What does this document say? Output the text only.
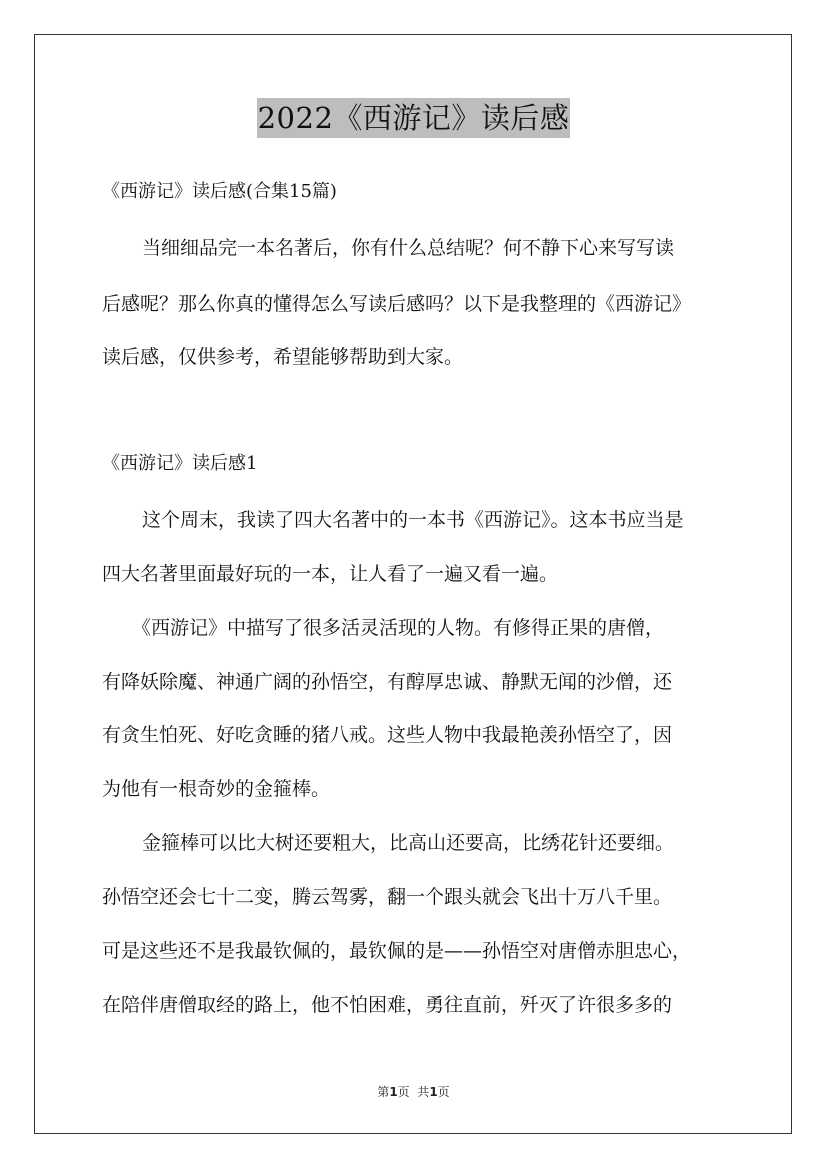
2022《西游记》读后感
《西游记》读后感(合集15篇)
当细细品完一本名著后，你有什么总结呢？何不静下心来写写读
后感呢？那么你真的懂得怎么写读后感吗？以下是我整理的《西游记》
读后感，仅供参考，希望能够帮助到大家。
《西游记》读后感1
这个周末，我读了四大名著中的一本书《西游记》。这本书应当是
四大名著里面最好玩的一本，让人看了一遍又看一遍。
《西游记》中描写了很多活灵活现的人物。有修得正果的唐僧，
有降妖除魔、神通广阔的孙悟空，有醇厚忠诚、静默无闻的沙僧，还
有贪生怕死、好吃贪睡的猪八戒。这些人物中我最艳羡孙悟空了，因
为他有一根奇妙的金箍棒。
金箍棒可以比大树还要粗大，比高山还要高，比绣花针还要细。
孙悟空还会七十二变，腾云驾雾，翻一个跟头就会飞出十万八千里。
可是这些还不是我最钦佩的，最钦佩的是——孙悟空对唐僧赤胆忠心，
在陪伴唐僧取经的路上，他不怕困难，勇往直前，歼灭了许很多多的
第1页  共1页
